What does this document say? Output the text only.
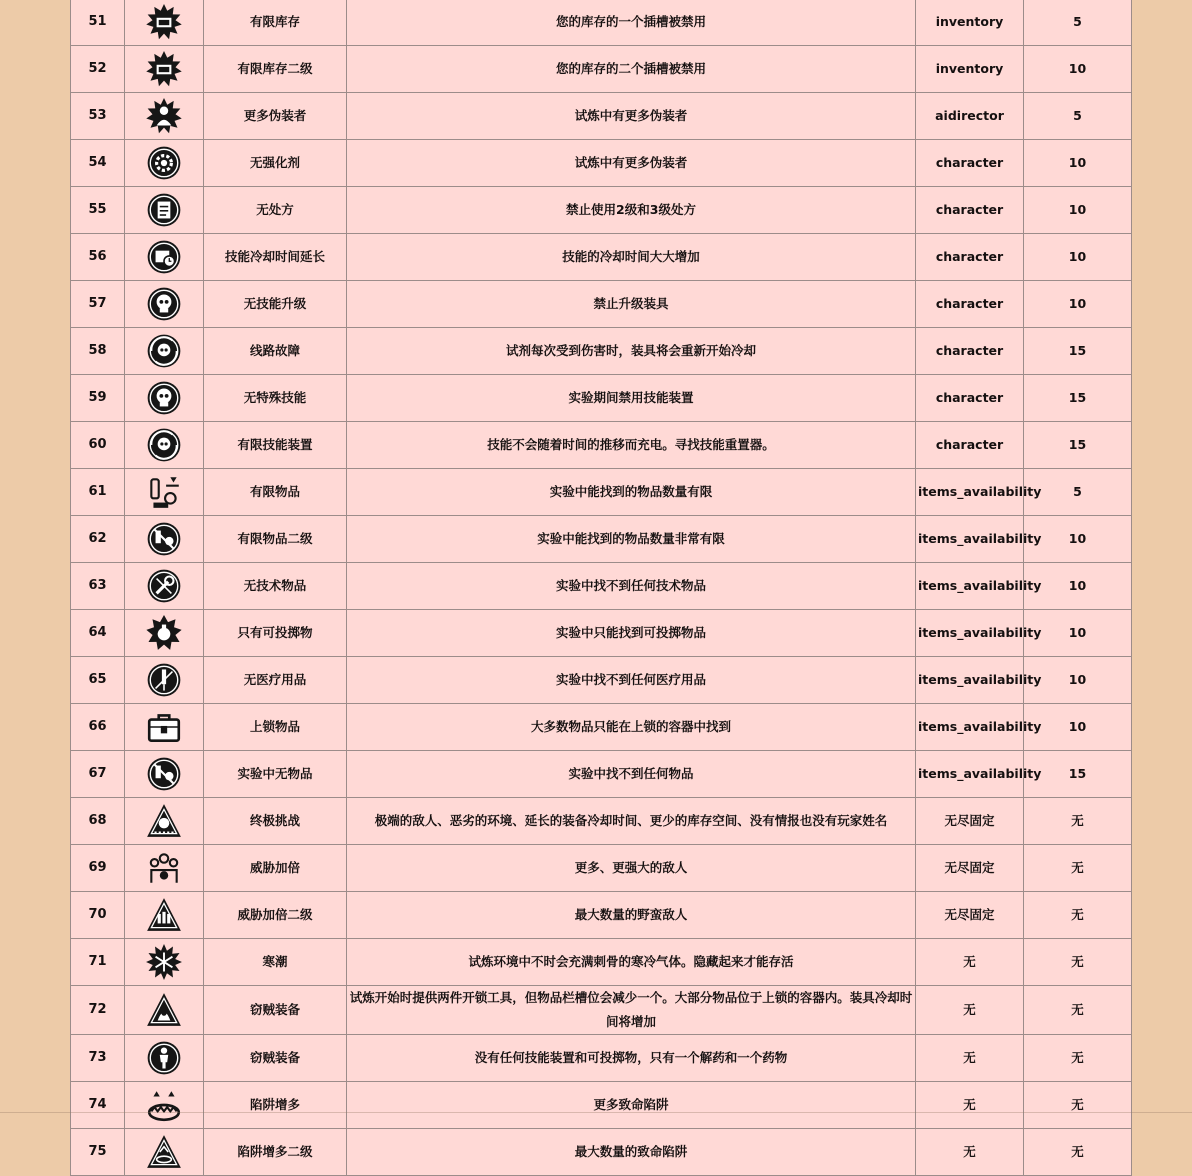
51		有限库存	您的库存的一个插槽被禁用	inventory	5
52		有限库存二级	您的库存的二个插槽被禁用	inventory	10
53		更多伪装者	试炼中有更多伪装者	aidirector	5
54		无强化剂	试炼中有更多伪装者	character	10
55		无处方	禁止使用2级和3级处方	character	10
56		技能冷却时间延长	技能的冷却时间大大增加	character	10
57		无技能升级	禁止升级装具	character	10
58		线路故障	试剂每次受到伤害时，装具将会重新开始冷却	character	15
59		无特殊技能	实验期间禁用技能装置	character	15
60		有限技能装置	技能不会随着时间的推移而充电。寻找技能重置器。	character	15
61		有限物品	实验中能找到的物品数量有限	items_availability	5
62		有限物品二级	实验中能找到的物品数量非常有限	items_availability	10
63		无技术物品	实验中找不到任何技术物品	items_availability	10
64		只有可投掷物	实验中只能找到可投掷物品	items_availability	10
65		无医疗用品	实验中找不到任何医疗用品	items_availability	10
66		上锁物品	大多数物品只能在上锁的容器中找到	items_availability	10
67		实验中无物品	实验中找不到任何物品	items_availability	15
68		终极挑战	极端的敌人、恶劣的环境、延长的装备冷却时间、更少的库存空间、没有情报也没有玩家姓名	无尽固定	无
69		威胁加倍	更多、更强大的敌人	无尽固定	无
70		威胁加倍二级	最大数量的野蛮敌人	无尽固定	无
71		寒潮	试炼环境中不时会充满刺骨的寒冷气体。隐藏起来才能存活	无	无
72		窃贼装备	试炼开始时提供两件开锁工具，但物品栏槽位会减少一个。大部分物品位于上锁的容器内。装具冷却时间将增加	无	无
73		窃贼装备	没有任何技能装置和可投掷物，只有一个解药和一个药物	无	无
74		陷阱增多	更多致命陷阱	无	无
75		陷阱增多二级	最大数量的致命陷阱	无	无
